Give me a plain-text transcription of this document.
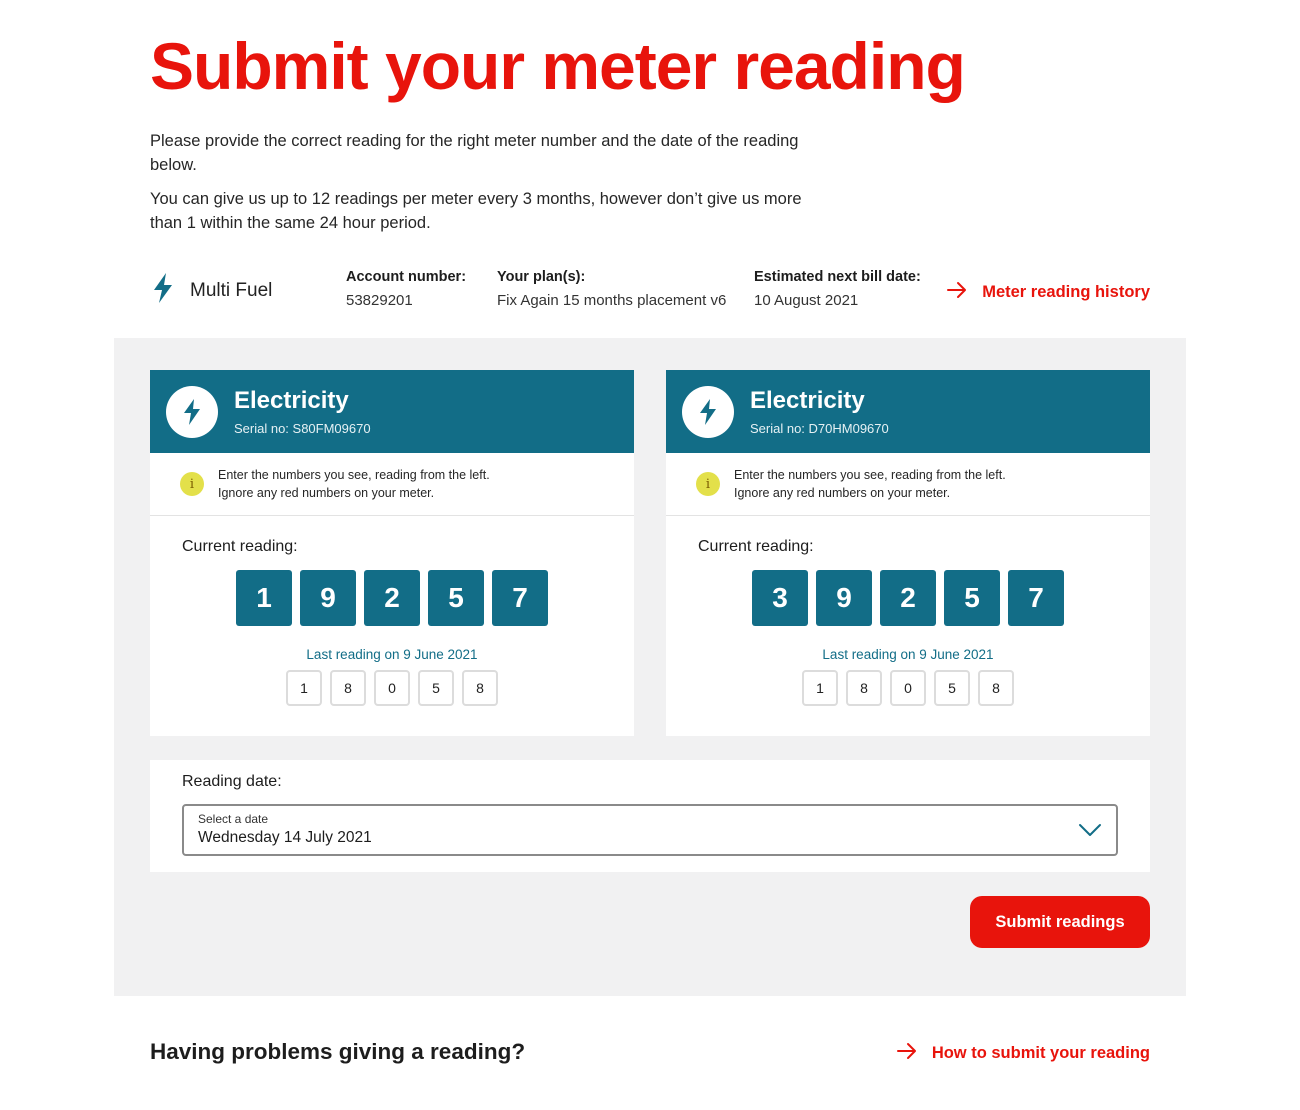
Submit your meter reading

Please provide the correct reading for the right meter number and the date of the reading below.

You can give us up to 12 readings per meter every 3 months, however don’t give us more than 1 within the same 24 hour period.

Multi Fuel
Account number:
53829201
Your plan(s):
Fix Again 15 months placement v6
Estimated next bill date:
10 August 2021	Meter reading history
Electricity
Serial no: S80FM09670
i
Enter the numbers you see, reading from the left.
Ignore any red numbers on your meter.
Current reading:
1	9	2	5	7
Last reading on 9 June 2021
1	8	0	5	8
Electricity
Serial no: D70HM09670
i
Enter the numbers you see, reading from the left.
Ignore any red numbers on your meter.
Current reading:
3	9	2	5	7
Last reading on 9 June 2021
1	8	0	5	8
Reading date:
Select a date
Wednesday 14 July 2021
Submit readings
Having problems giving a reading?	How to submit your reading
